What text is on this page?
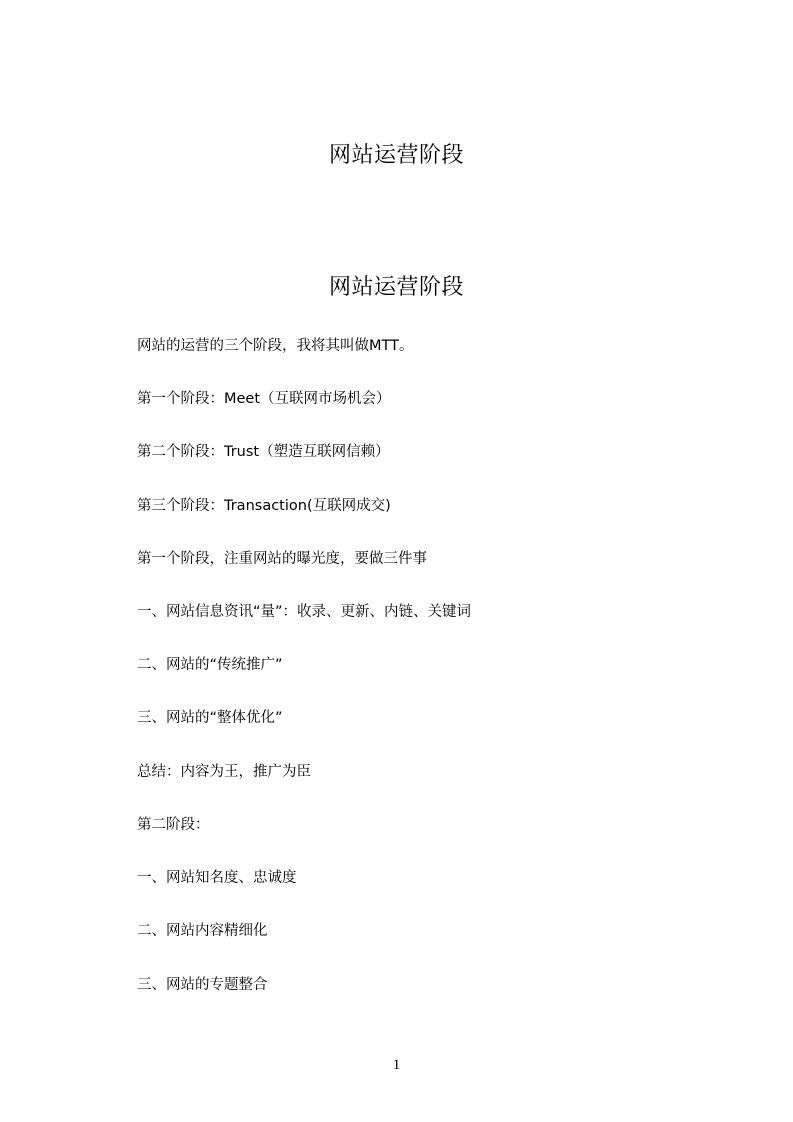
网站运营阶段
网站运营阶段

网站的运营的三个阶段，我将其叫做MTT。

第一个阶段：Meet（互联网市场机会）

第二个阶段：Trust（塑造互联网信赖）

第三个阶段：Transaction(互联网成交)

第一个阶段，注重网站的曝光度，要做三件事

一、网站信息资讯“量”：收录、更新、内链、关键词

二、网站的“传统推广”

三、网站的“整体优化”

总结：内容为王，推广为臣

第二阶段：

一、网站知名度、忠诚度

二、网站内容精细化

三、网站的专题整合

1
